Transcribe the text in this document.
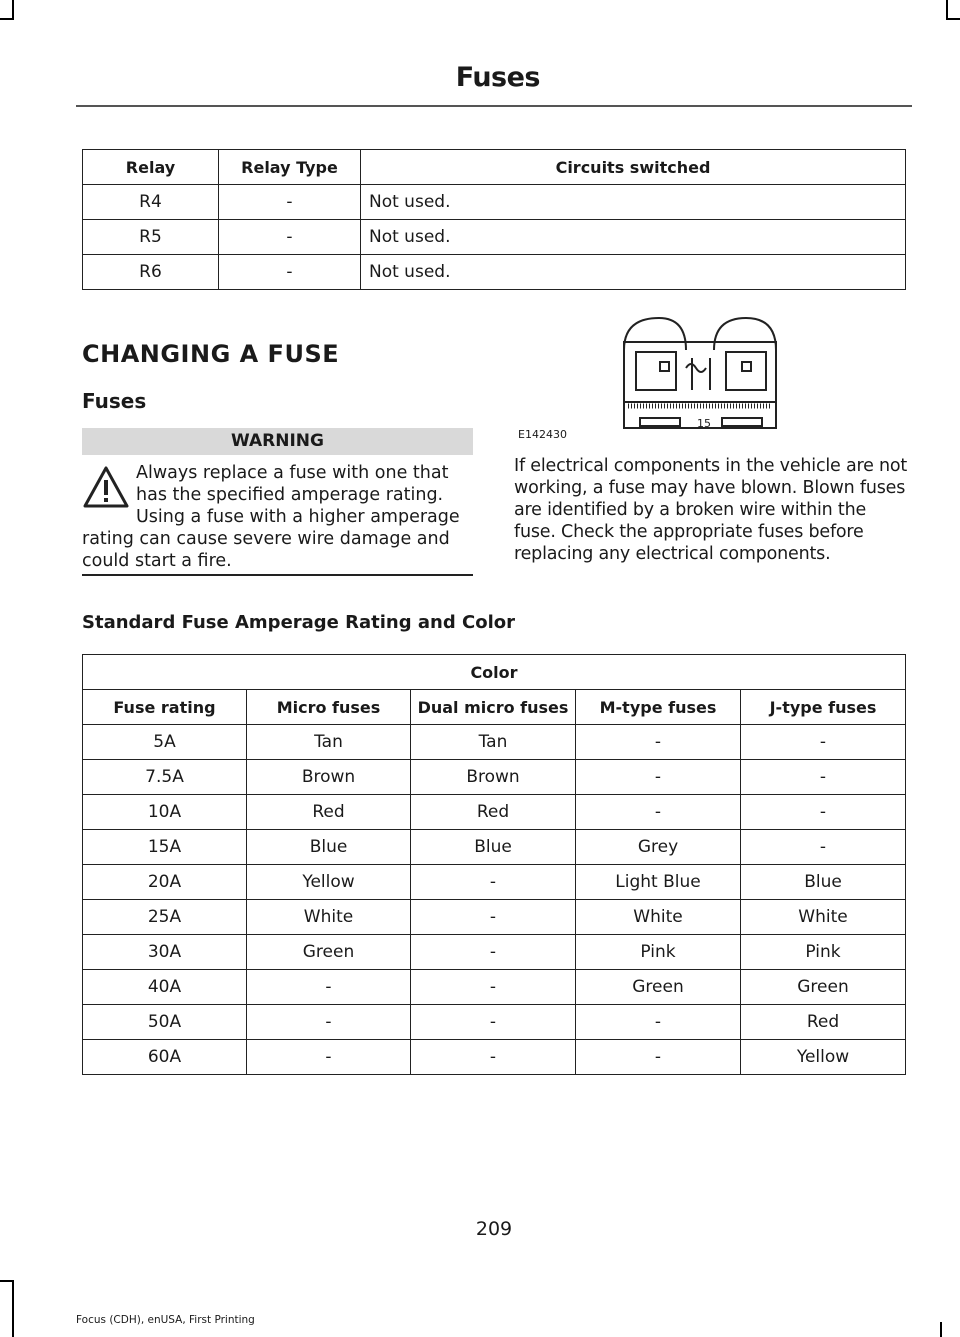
Fuses
Relay	Relay Type	Circuits switched
R4	-	Not used.
R5	-	Not used.
R6	-	Not used.
CHANGING A FUSE
Fuses
WARNING

Always replace a fuse with one that has the specified amperage rating. Using a fuse with a higher amperage rating can cause severe wire damage and could start a fire.

15
E142430

If electrical components in the vehicle are not working, a fuse may have blown. Blown fuses are identified by a broken wire within the fuse. Check the appropriate fuses before replacing any electrical components.

Standard Fuse Amperage Rating and Color
Color				
Fuse rating	Micro fuses	Dual micro fuses	M-type fuses	J-type fuses
5A	Tan	Tan	-	-
7.5A	Brown	Brown	-	-
10A	Red	Red	-	-
15A	Blue	Blue	Grey	-
20A	Yellow	-	Light Blue	Blue
25A	White	-	White	White
30A	Green	-	Pink	Pink
40A	-	-	Green	Green
50A	-	-	-	Red
60A	-	-	-	Yellow
209
Focus (CDH), enUSA, First Printing
